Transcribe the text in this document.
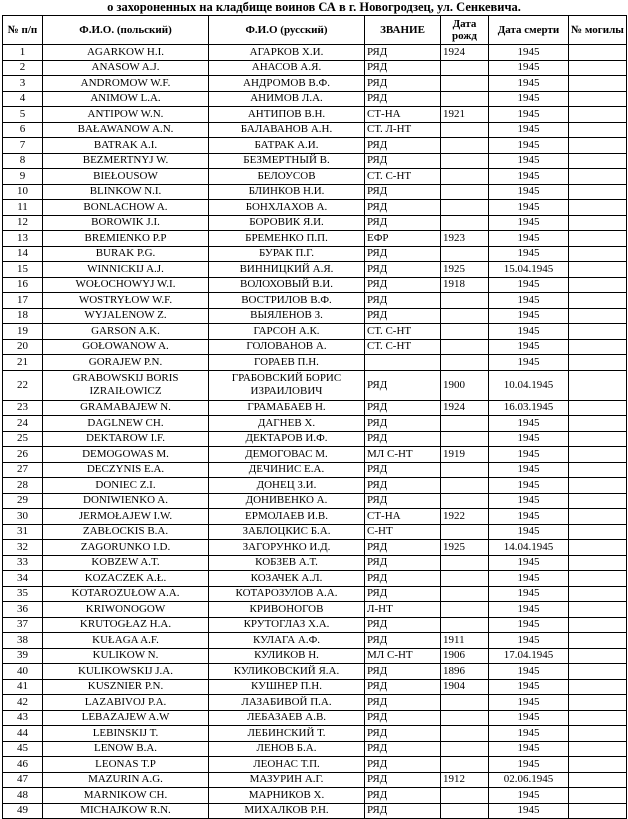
о захороненных на кладбище воинов СА в г. Новогродзец, ул. Сенкевича.
№ п/п	Ф.И.О. (польский)	Ф.И.О (русский)	ЗВАНИЕ	Дата рожд	Дата смерти	№ могилы
1	AGARKOW H.I.	АГАРКОВ Х.И.	РЯД	1924	1945	
2	ANASOW A.J.	АНАСОВ А.Я.	РЯД		1945	
3	ANDROMOW W.F.	АНДРОМОВ В.Ф.	РЯД		1945	
4	ANIMOW L.A.	АНИМОВ Л.А.	РЯД		1945	
5	ANTIPOW W.N.	АНТИПОВ В.Н.	СТ-НА	1921	1945	
6	BAŁAWANOW A.N.	БАЛАВАНОВ А.Н.	СТ. Л-НТ		1945	
7	BATRAK A.I.	БАТРАК А.И.	РЯД		1945	
8	BEZMERTNYJ W.	БЕЗМЕРТНЫЙ В.	РЯД		1945	
9	BIEŁOUSOW	БЕЛОУСОВ	СТ. С-НТ		1945	
10	BLINKOW N.I.	БЛИНКОВ Н.И.	РЯД		1945	
11	BONLACHOW A.	БОНХЛАХОВ А.	РЯД		1945	
12	BOROWIK J.I.	БОРОВИК Я.И.	РЯД		1945	
13	BREMIENKO P.P	БРЕМЕНКО П.П.	ЕФР	1923	1945	
14	BURAK P.G.	БУРАК П.Г.	РЯД		1945	
15	WINNICKIJ A.J.	ВИННИЦКИЙ А.Я.	РЯД	1925	15.04.1945	
16	WOŁOCHOWYJ W.I.	ВОЛОХОВЫЙ В.И.	РЯД	1918	1945	
17	WOSTRYŁOW W.F.	ВОСТРИЛОВ В.Ф.	РЯД		1945	
18	WYJALENOW Z.	ВЫЯЛЕНОВ З.	РЯД		1945	
19	GARSON A.K.	ГАРСОН А.К.	СТ. С-НТ		1945	
20	GOŁOWANOW A.	ГОЛОВАНОВ А.	СТ. С-НТ		1945	
21	GORAJEW P.N.	ГОРАЕВ П.Н.			1945	
22	GRABOWSKIJ BORIS IZRAIŁOWICZ	ГРАБОВСКИЙ БОРИС ИЗРАИЛОВИЧ	РЯД	1900	10.04.1945	
23	GRAMABAJEW N.	ГРАМАБАЕВ Н.	РЯД	1924	16.03.1945	
24	DAGLNEW CH.	ДАГНЕВ Х.	РЯД		1945	
25	DEKTAROW I.F.	ДЕКТАРОВ И.Ф.	РЯД		1945	
26	DEMOGOWAS M.	ДЕМОГОВАС М.	МЛ С-НТ	1919	1945	
27	DECZYNIS E.A.	ДЕЧИНИС Е.А.	РЯД		1945	
28	DONIEC Z.I.	ДОНЕЦ З.И.	РЯД		1945	
29	DONIWIENKO A.	ДОНИВЕНКО А.	РЯД		1945	
30	JERMOŁAJEW I.W.	ЕРМОЛАЕВ И.В.	СТ-НА	1922	1945	
31	ZABŁOCKIS B.A.	ЗАБЛОЦКИС Б.А.	С-НТ		1945	
32	ZAGORUNKO I.D.	ЗАГОРУНКО И.Д.	РЯД	1925	14.04.1945	
33	KOBZEW A.T.	КОБЗЕВ А.Т.	РЯД		1945	
34	KOZACZEK A.Ł.	КОЗАЧЕК А.Л.	РЯД		1945	
35	KOTAROZUŁOW A.A.	КОТАРОЗУЛОВ А.А.	РЯД		1945	
36	KRIWONOGOW	КРИВОНОГОВ	Л-НТ		1945	
37	KRUTOGŁAZ H.A.	КРУТОГЛАЗ Х.А.	РЯД		1945	
38	KUŁAGA A.F.	КУЛАГА А.Ф.	РЯД	1911	1945	
39	KULIKOW N.	КУЛИКОВ Н.	МЛ С-НТ	1906	17.04.1945	
40	KULIKOWSKIJ J.A.	КУЛИКОВСКИЙ Я.А.	РЯД	1896	1945	
41	KUSZNIER P.N.	КУШНЕР П.Н.	РЯД	1904	1945	
42	LAZABIVOJ P.A.	ЛАЗАБИВОЙ П.А.	РЯД		1945	
43	LEBAZAJEW A.W	ЛЕБАЗАЕВ А.В.	РЯД		1945	
44	LEBINSKIJ T.	ЛЕБИНСКИЙ Т.	РЯД		1945	
45	LENOW B.A.	ЛЕНОВ Б.А.	РЯД		1945	
46	LEONAS T.P	ЛЕОНАС Т.П.	РЯД		1945	
47	MAZURIN A.G.	МАЗУРИН А.Г.	РЯД	1912	02.06.1945	
48	MARNIKOW CH.	МАРНИКОВ Х.	РЯД		1945	
49	MICHAJKOW R.N.	МИХАЛКОВ Р.Н.	РЯД		1945	
